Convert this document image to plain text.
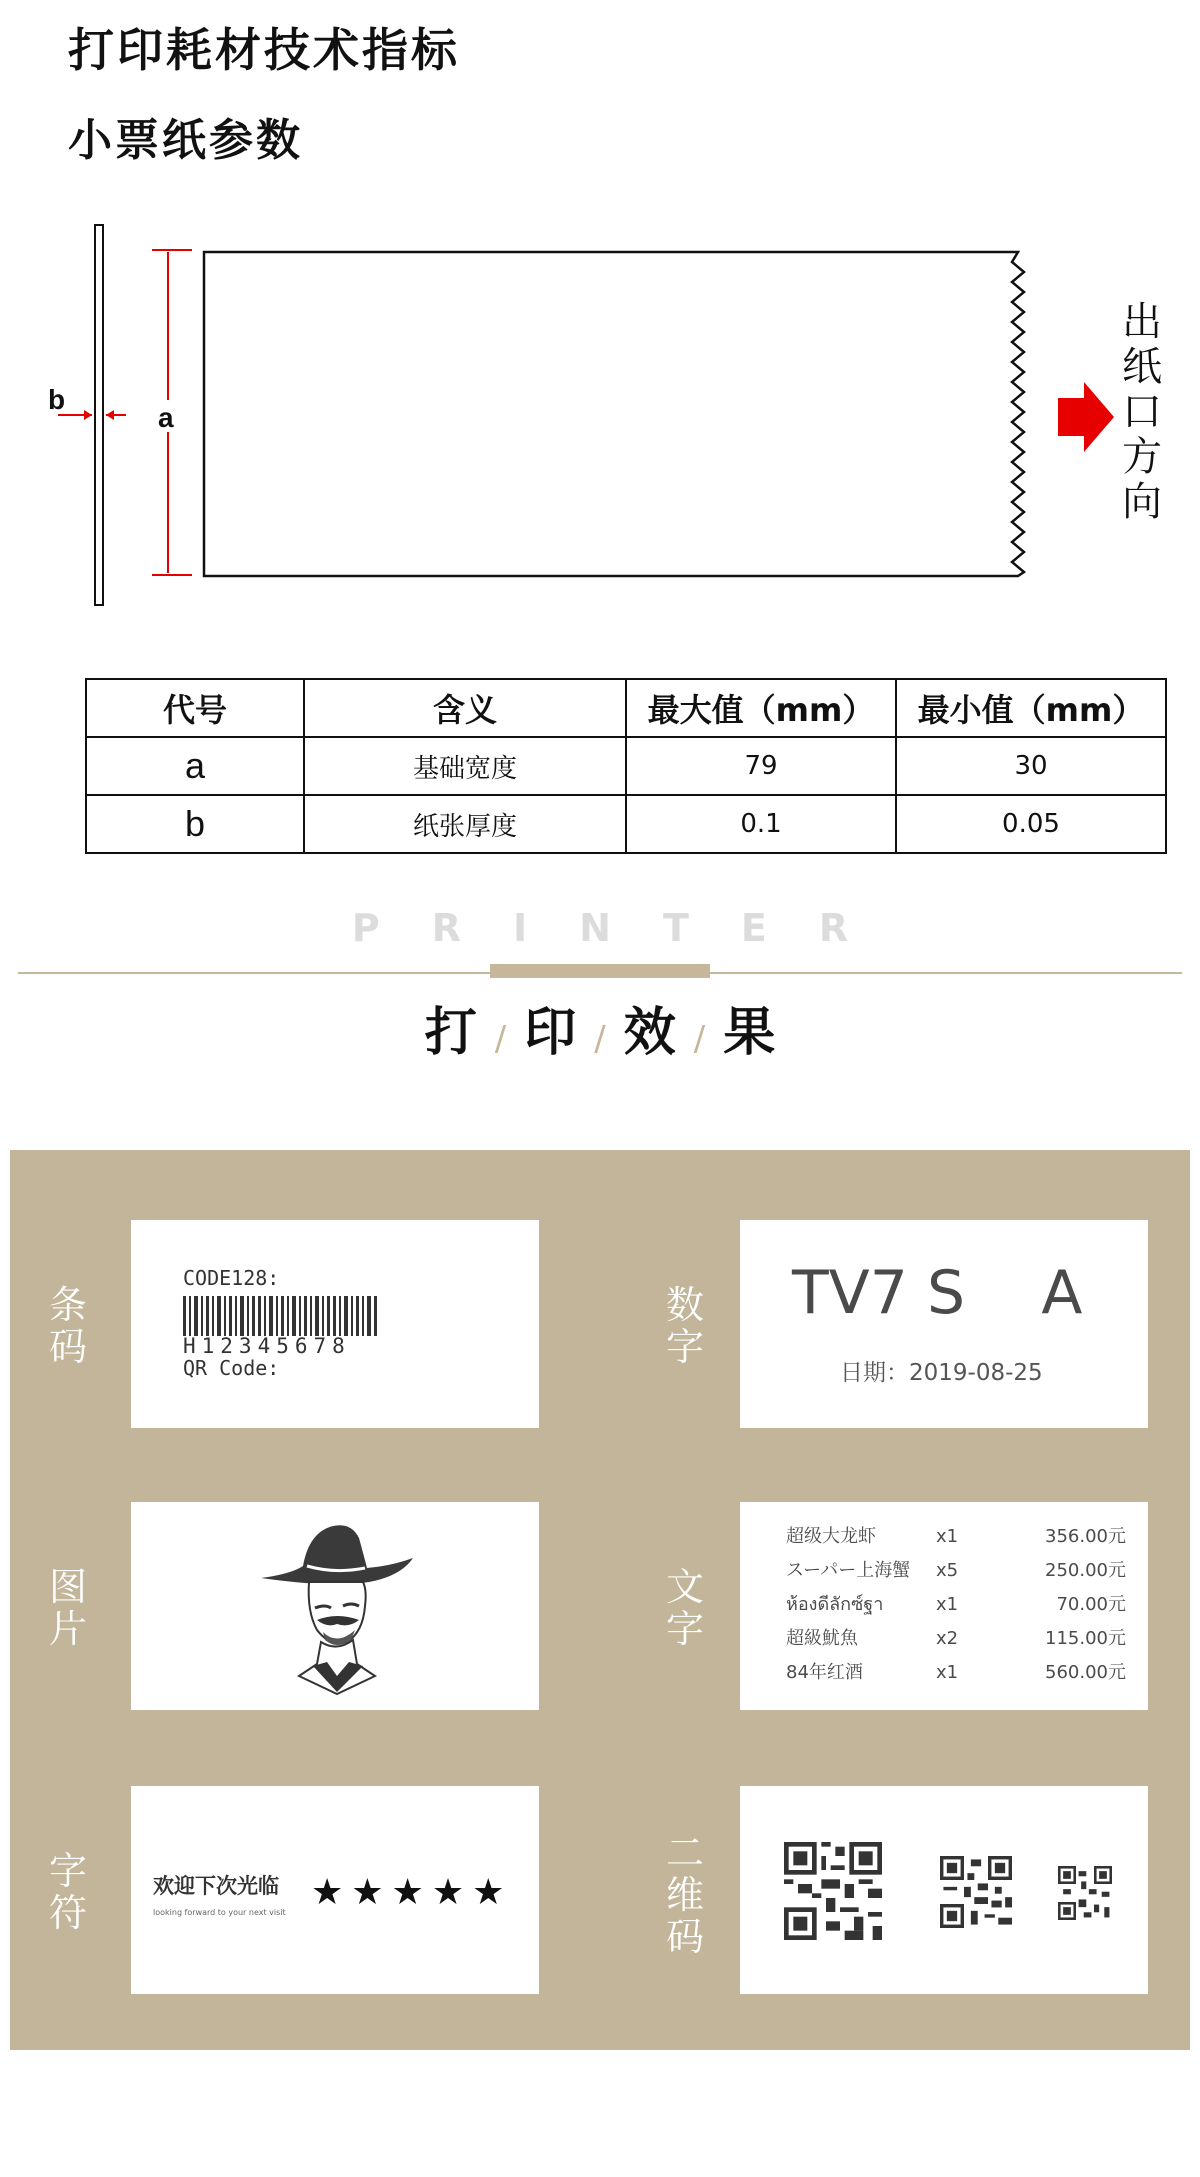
打印耗材技术指标
小票纸参数
b
a
出
纸
口
方
向
代号	含义	最大值（mm）	最小值（mm）
a	基础宽度	79	30
b	纸张厚度	0.1	0.05
PRINTER
打 / 印 / 效 / 果
条
码
CODE128:
H12345678
QR Code:
数
字
TV7 S    A
日期：2019-08-25
图
片
文
字
超级大龙虾	x1	356.00元
スーパー上海蟹	x5	250.00元
ห้องดีลักซ์ฐา	x1	70.00元
超級魷魚	x2	115.00元
84年红酒	x1	560.00元
字
符
欢迎下次光临
looking forward to your next visit ★★★★★
二
维
码
